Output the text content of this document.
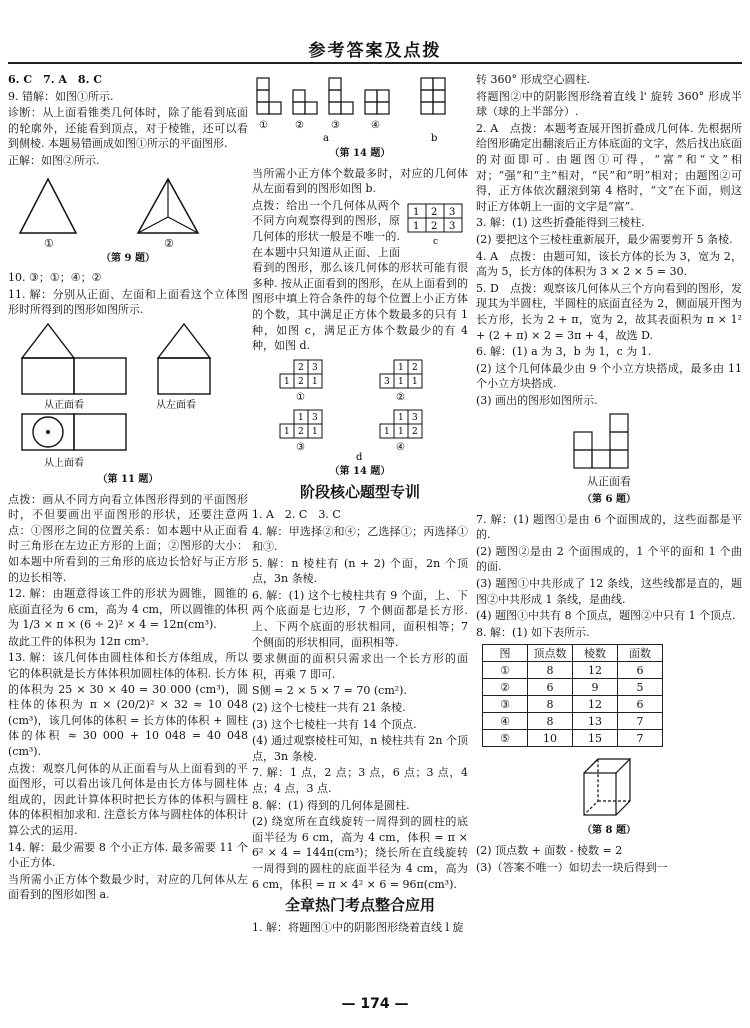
参考答案及点拨

6. C　7. A　8. C

9. 错解：如图①所示.

诊断：从上面看锥类几何体时，除了能看到底面的轮廓外，还能看到顶点，对于棱锥，还可以看到侧棱. 本题易错画成如图①所示的平面图形.

正解：如图②所示.

①	②
（第 9 题）

10. ③；①；④；②

11. 解：分别从正面、左面和上面看这个立体图形时所得到的图形如图所示.

从正面看	从左面看
从上面看
（第 11 题）

点拨：画从不同方向看立体图形得到的平面图形时，不但要画出平面图形的形状，还要注意两点：①图形之间的位置关系：如本题中从正面看时三角形在左边正方形的上面；②图形的大小：如本题中所看到的三角形的底边长恰好与正方形的边长相等.

12. 解：由题意得该工件的形状为圆锥，圆锥的底面直径为 6 cm，高为 4 cm，所以圆锥的体积为 1/3 × π × (6 ÷ 2)² × 4 = 12π(cm³).

故此工件的体积为 12π cm³.

13. 解：该几何体由圆柱体和长方体组成，所以它的体积就是长方体体积加圆柱体的体积. 长方体的体积为 25 × 30 × 40 = 30 000 (cm³)，圆柱体的体积为 π × (20/2)² × 32 ≈ 10 048 (cm³)，该几何体的体积 = 长方体的体积 + 圆柱体的体积 ≈ 30 000 + 10 048 = 40 048 (cm³).

点拨：观察几何体的从正面看与从上面看到的平面图形，可以看出该几何体是由长方体与圆柱体组成的，因此计算体积时把长方体的体积与圆柱体的体积相加求和. 注意长方体与圆柱体的体积计算公式的运用.

14. 解：最少需要 8 个小正方体. 最多需要 11 个小正方体.

当所需小正方体个数最少时，对应的几何体从左面看到的图形如图 a.

①	②	③	④
a	b
（第 14 题）

当所需小正方体个数最多时，对应的几何体从左面看到的图形如图 b.

1 2 3
1 2 3
c

点拨：给出一个几何体从两个不同方向观察得到的图形，原几何体的形状一般是不唯一的. 在本题中只知道从正面、上面看到的图形，那么该几何体的形状可能有很多种. 按从正面看到的图形，在从上面看到的图形中填上符合条件的每个位置上小正方体的个数，其中满足正方体个数最多的只有 1 种，如图 c，满足正方体个数最少的有 4 种，如图 d.

2 3
1 2 1
1 2
3 1 1
1 3
1 2 1
1 3
1 1 2
①	②
③	④
d
（第 14 题）
阶段核心题型专训

1. A　2. C　3. C

4. 解：甲选择②和④；乙选择①；丙选择①和③.

5. 解：n 棱柱有 (n + 2) 个面，2n 个顶点，3n 条棱.

6. 解：(1) 这个七棱柱共有 9 个面，上、下两个底面是七边形，7 个侧面都是长方形. 上、下两个底面的形状相同，面积相等；7 个侧面的形状相同，面积相等.

要求侧面的面积只需求出一个长方形的面积，再乘 7 即可.

S侧 = 2 × 5 × 7 = 70 (cm²).

(2) 这个七棱柱一共有 21 条棱.

(3) 这个七棱柱一共有 14 个顶点.

(4) 通过观察棱柱可知，n 棱柱共有 2n 个顶点，3n 条棱.

7. 解：1 点，2 点；3 点，6 点；3 点，4 点；4 点，3 点.

8. 解：(1) 得到的几何体是圆柱.

(2) 绕宽所在直线旋转一周得到的圆柱的底面半径为 6 cm，高为 4 cm，体积 = π × 6² × 4 = 144π(cm³)；绕长所在直线旋转一周得到的圆柱的底面半径为 4 cm，高为 6 cm，体积 = π × 4² × 6 = 96π(cm³).

全章热门考点整合应用

1. 解：将题图①中的阴影图形绕着直线 l 旋

转 360° 形成空心圆柱.

将题图②中的阴影图形绕着直线 l' 旋转 360° 形成半球（球的上半部分）.

2. A　点拨：本题考查展开图折叠成几何体. 先根据所给图形确定出翻滚后正方体底面的文字，然后找出底面的对面即可. 由题图①可得，“富”和“文”相对；“强”和“主”相对，“民”和“明”相对；由题图②可得，正方体依次翻滚到第 4 格时，“文”在下面，则这时正方体朝上一面的文字是“富”.

3. 解：(1) 这些折叠能得到三棱柱.

(2) 要把这个三棱柱重新展开，最少需要剪开 5 条棱.

4. A　点拨：由题可知，该长方体的长为 3，宽为 2，高为 5，长方体的体积为 3 × 2 × 5 = 30.

5. D　点拨：观察该几何体从三个方向看到的图形，发现其为半圆柱，半圆柱的底面直径为 2，侧面展开图为长方形，长为 2 + π，宽为 2，故其表面积为 π × 1² + (2 + π) × 2 = 3π + 4，故选 D.

6. 解：(1) a 为 3，b 为 1，c 为 1.

(2) 这个几何体最少由 9 个小立方块搭成，最多由 11 个小立方块搭成.

(3) 画出的图形如图所示.

从正面看
（第 6 题）

7. 解：(1) 题图①是由 6 个面围成的，这些面都是平的.

(2) 题图②是由 2 个面围成的，1 个平的面和 1 个曲的面.

(3) 题图①中共形成了 12 条线，这些线都是直的，题图②中共形成 1 条线，是曲线.

(4) 题图①中共有 8 个顶点，题图②中只有 1 个顶点.

8. 解：(1) 如下表所示.

图	顶点数	棱数	面数
①	8	12	6
②	6	9	5
③	8	12	6
④	8	13	7
⑤	10	15	7
（第 8 题）

(2) 顶点数 + 面数 - 棱数 = 2

(3)（答案不唯一）如切去一块后得到一

— 174 —
